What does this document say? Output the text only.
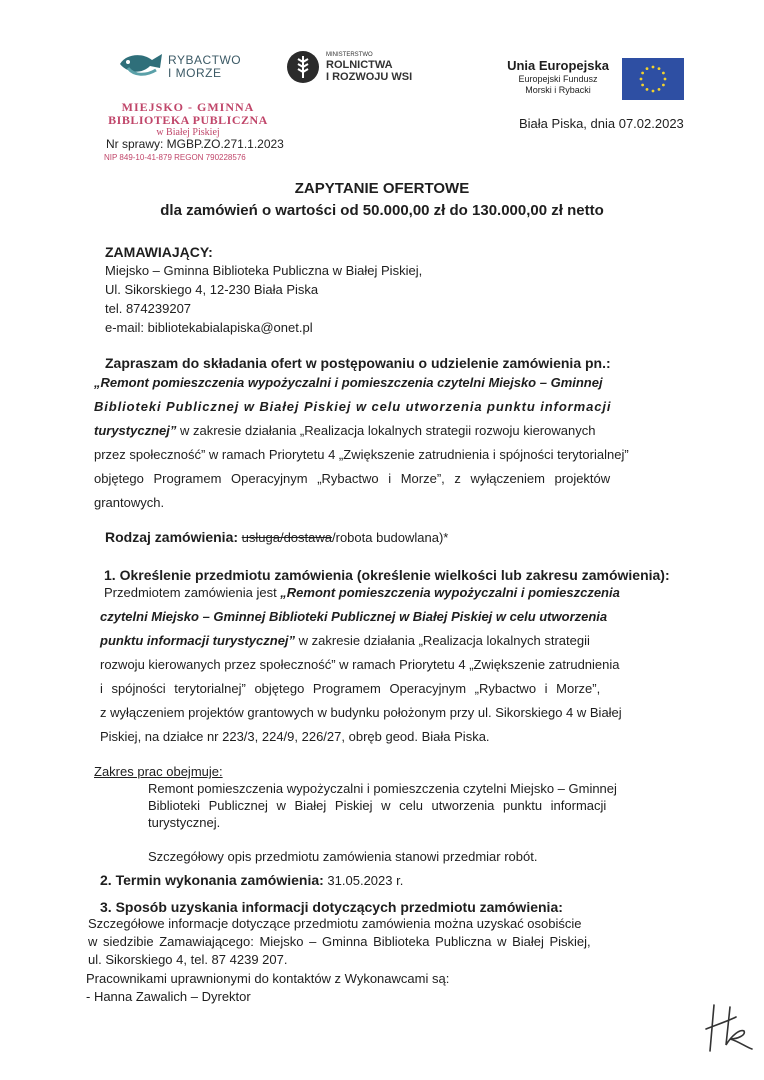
RYBACTWO
I MORZE
MINISTERSTWO
ROLNICTWA
I ROZWOJU WSI
Unia Europejska
Europejski Fundusz
Morski i Rybacki
MIEJSKO - GMINNA
BIBLIOTEKA PUBLICZNA
w Białej Piskiej
Nr sprawy: MGBP.ZO.271.1.2023
NIP 849-10-41-879 REGON 790228576
Biała Piska, dnia 07.02.2023
ZAPYTANIE OFERTOWE
dla zamówień o wartości od 50.000,00 zł do 130.000,00 zł netto
ZAMAWIAJĄCY:
Miejsko – Gminna Biblioteka Publiczna w Białej Piskiej,
Ul. Sikorskiego 4, 12-230 Biała Piska
tel. 874239207
e-mail: bibliotekabialapiska@onet.pl
Zapraszam do składania ofert w postępowaniu o udzielenie zamówienia pn.:
„Remont pomieszczenia wypożyczalni i pomieszczenia czytelni Miejsko – Gminnej
Biblioteki Publicznej w Białej Piskiej w celu utworzenia punktu informacji
turystycznej” w zakresie działania „Realizacja lokalnych strategii rozwoju kierowanych
przez społeczność” w ramach Priorytetu 4 „Zwiększenie zatrudnienia i spójności terytorialnej”
objętego Programem Operacyjnym „Rybactwo i Morze”, z wyłączeniem projektów
grantowych.
Rodzaj zamówienia: usługa/dostawa/robota budowlana)*
1. Określenie przedmiotu zamówienia (określenie wielkości lub zakresu zamówienia):
Przedmiotem zamówienia jest „Remont pomieszczenia wypożyczalni i pomieszczenia
czytelni Miejsko – Gminnej Biblioteki Publicznej w Białej Piskiej w celu utworzenia
punktu informacji turystycznej” w zakresie działania „Realizacja lokalnych strategii
rozwoju kierowanych przez społeczność” w ramach Priorytetu 4 „Zwiększenie zatrudnienia
i spójności terytorialnej” objętego Programem Operacyjnym „Rybactwo i Morze”,
z wyłączeniem projektów grantowych w budynku położonym przy ul. Sikorskiego 4 w Białej
Piskiej, na działce nr 223/3, 224/9, 226/27, obręb geod. Biała Piska.
Zakres prac obejmuje:
Remont pomieszczenia wypożyczalni i pomieszczenia czytelni Miejsko – Gminnej
Biblioteki Publicznej w Białej Piskiej w celu utworzenia punktu informacji
turystycznej.
Szczegółowy opis przedmiotu zamówienia stanowi przedmiar robót.
2. Termin wykonania zamówienia: 31.05.2023 r.
3. Sposób uzyskania informacji dotyczących przedmiotu zamówienia:
Szczegółowe informacje dotyczące przedmiotu zamówienia można uzyskać osobiście
w siedzibie Zamawiającego: Miejsko – Gminna Biblioteka Publiczna w Białej Piskiej,
ul. Sikorskiego 4, tel. 87 4239 207.
Pracownikami uprawnionymi do kontaktów z Wykonawcami są:
- Hanna Zawalich – Dyrektor
